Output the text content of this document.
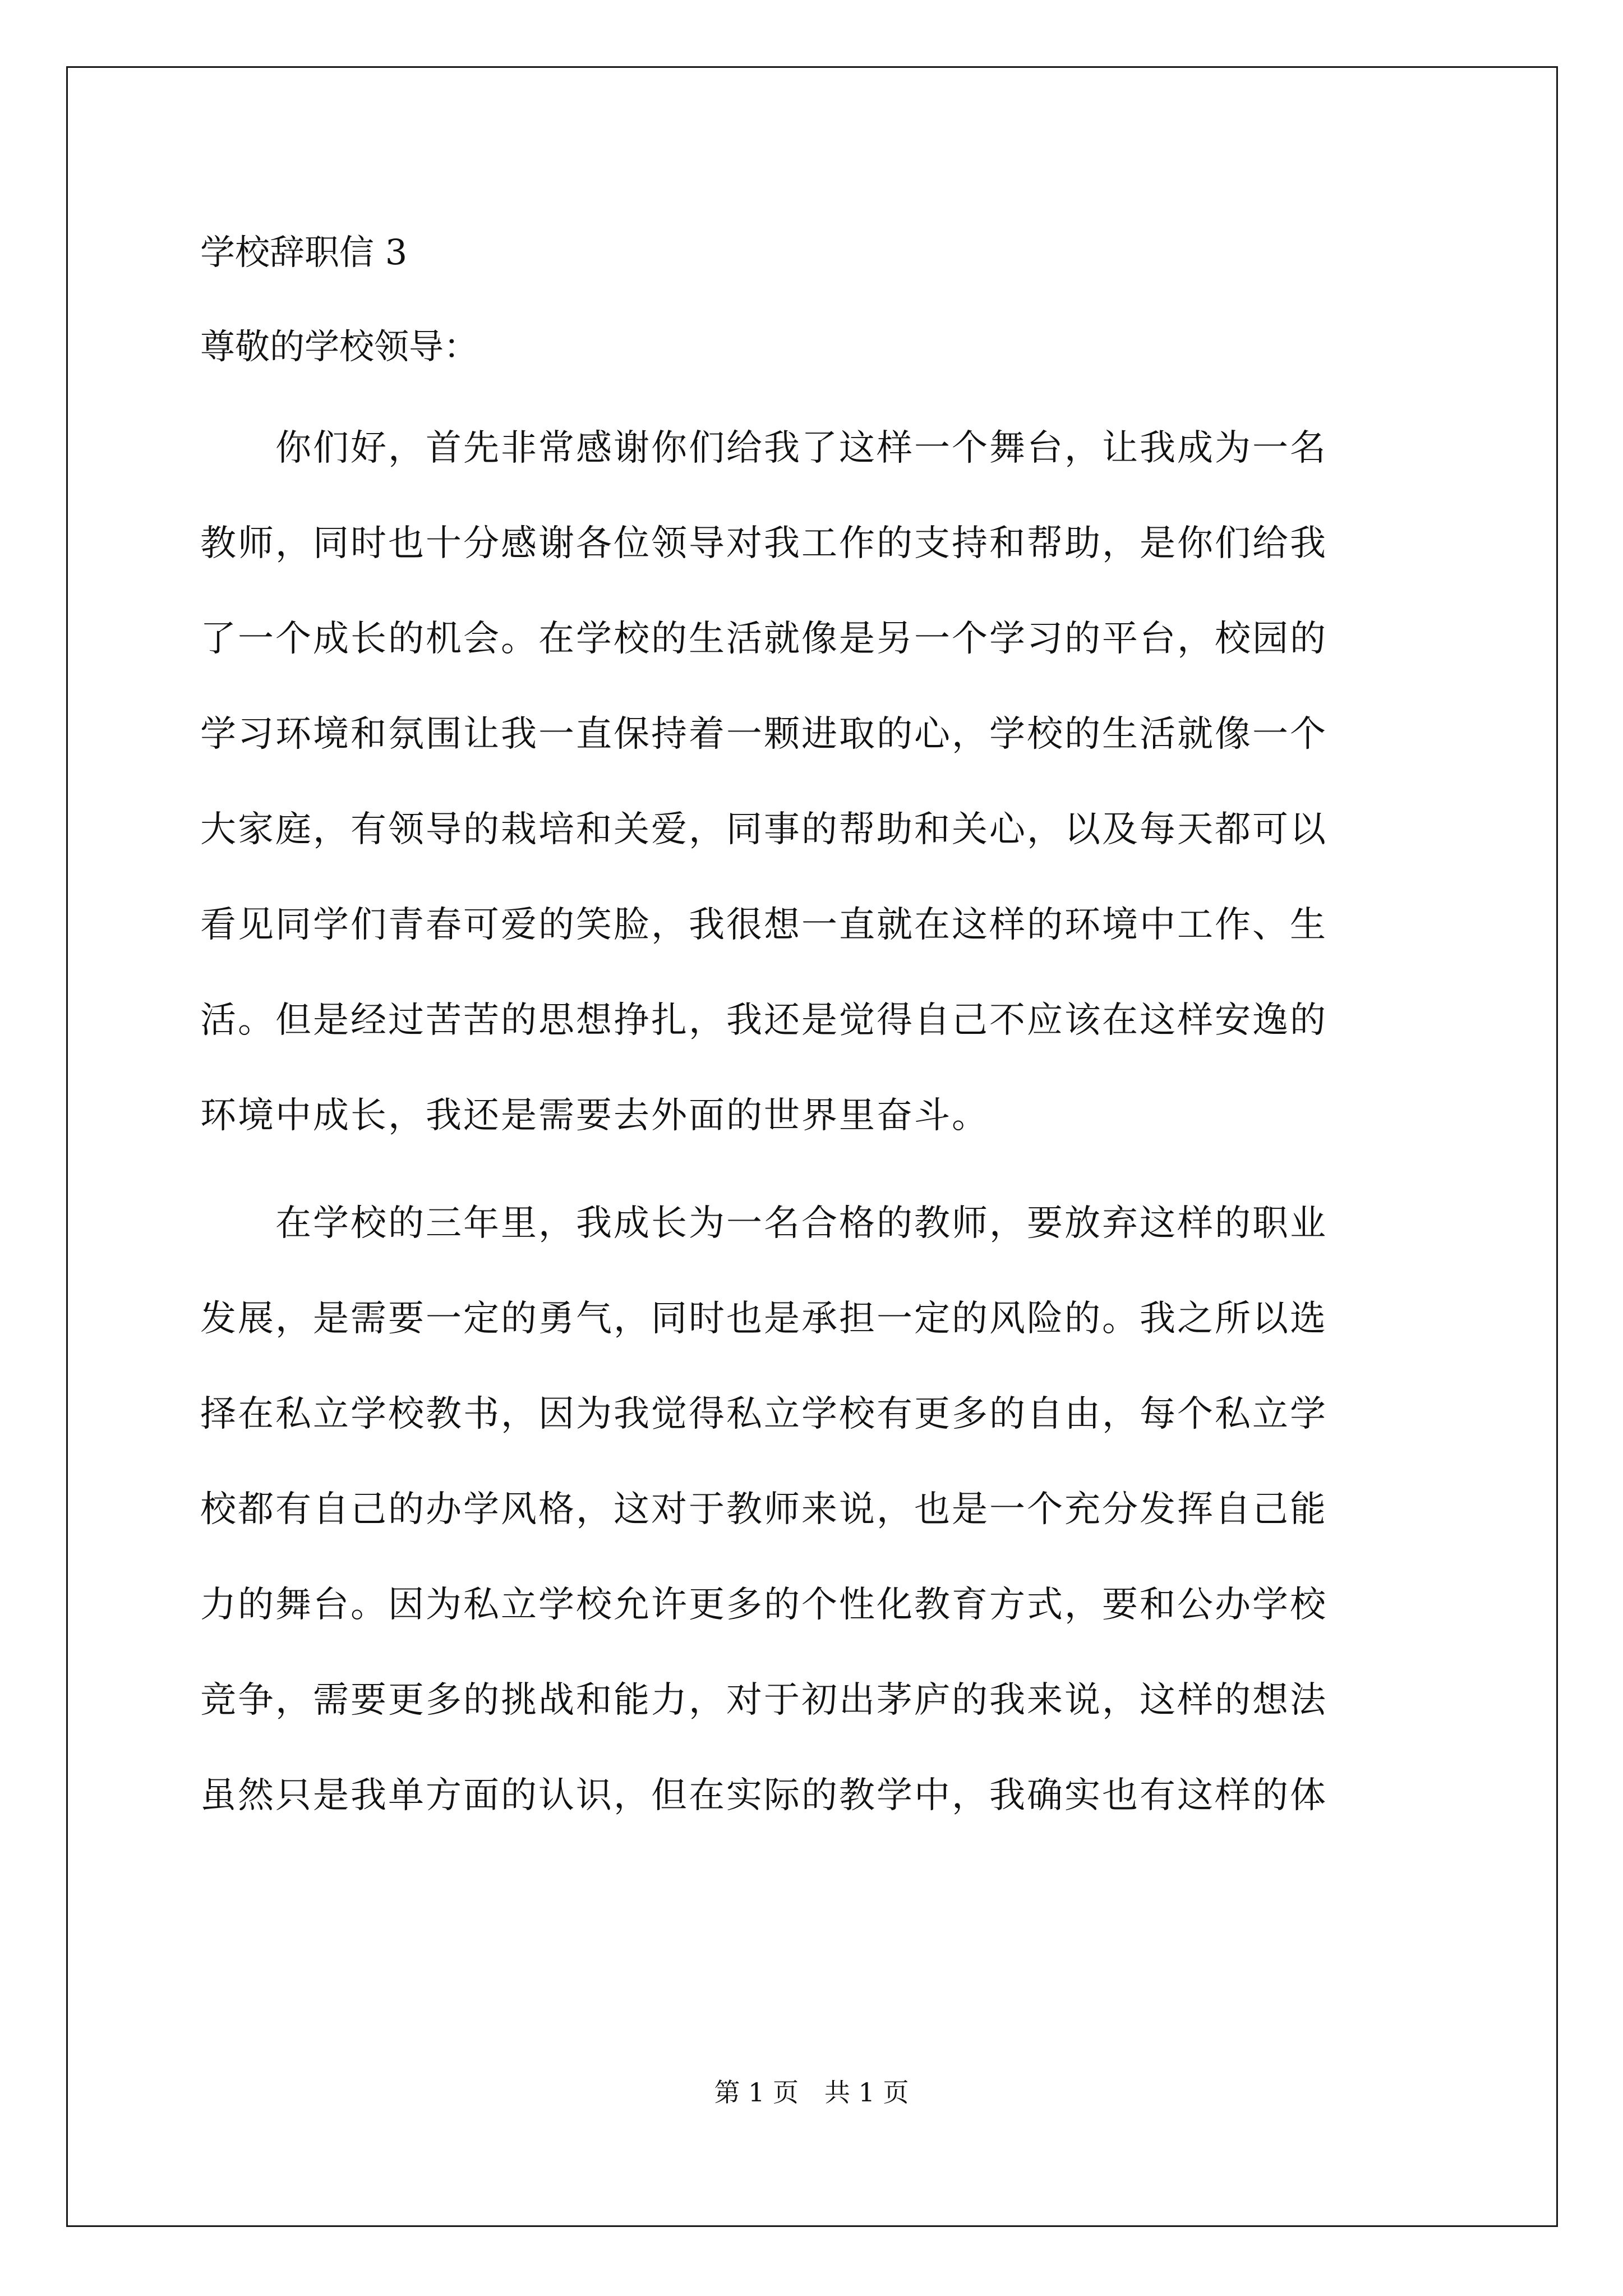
学校辞职信 3
尊敬的学校领导：
　　你们好，首先非常感谢你们给我了这样一个舞台，让我成为一名
教师，同时也十分感谢各位领导对我工作的支持和帮助，是你们给我
了一个成长的机会。在学校的生活就像是另一个学习的平台，校园的
学习环境和氛围让我一直保持着一颗进取的心，学校的生活就像一个
大家庭，有领导的栽培和关爱，同事的帮助和关心，以及每天都可以
看见同学们青春可爱的笑脸，我很想一直就在这样的环境中工作、生
活。但是经过苦苦的思想挣扎，我还是觉得自己不应该在这样安逸的
环境中成长，我还是需要去外面的世界里奋斗。
　　在学校的三年里，我成长为一名合格的教师，要放弃这样的职业
发展，是需要一定的勇气，同时也是承担一定的风险的。我之所以选
择在私立学校教书，因为我觉得私立学校有更多的自由，每个私立学
校都有自己的办学风格，这对于教师来说，也是一个充分发挥自己能
力的舞台。因为私立学校允许更多的个性化教育方式，要和公办学校
竞争，需要更多的挑战和能力，对于初出茅庐的我来说，这样的想法
虽然只是我单方面的认识，但在实际的教学中，我确实也有这样的体
第 1 页　共 1 页
